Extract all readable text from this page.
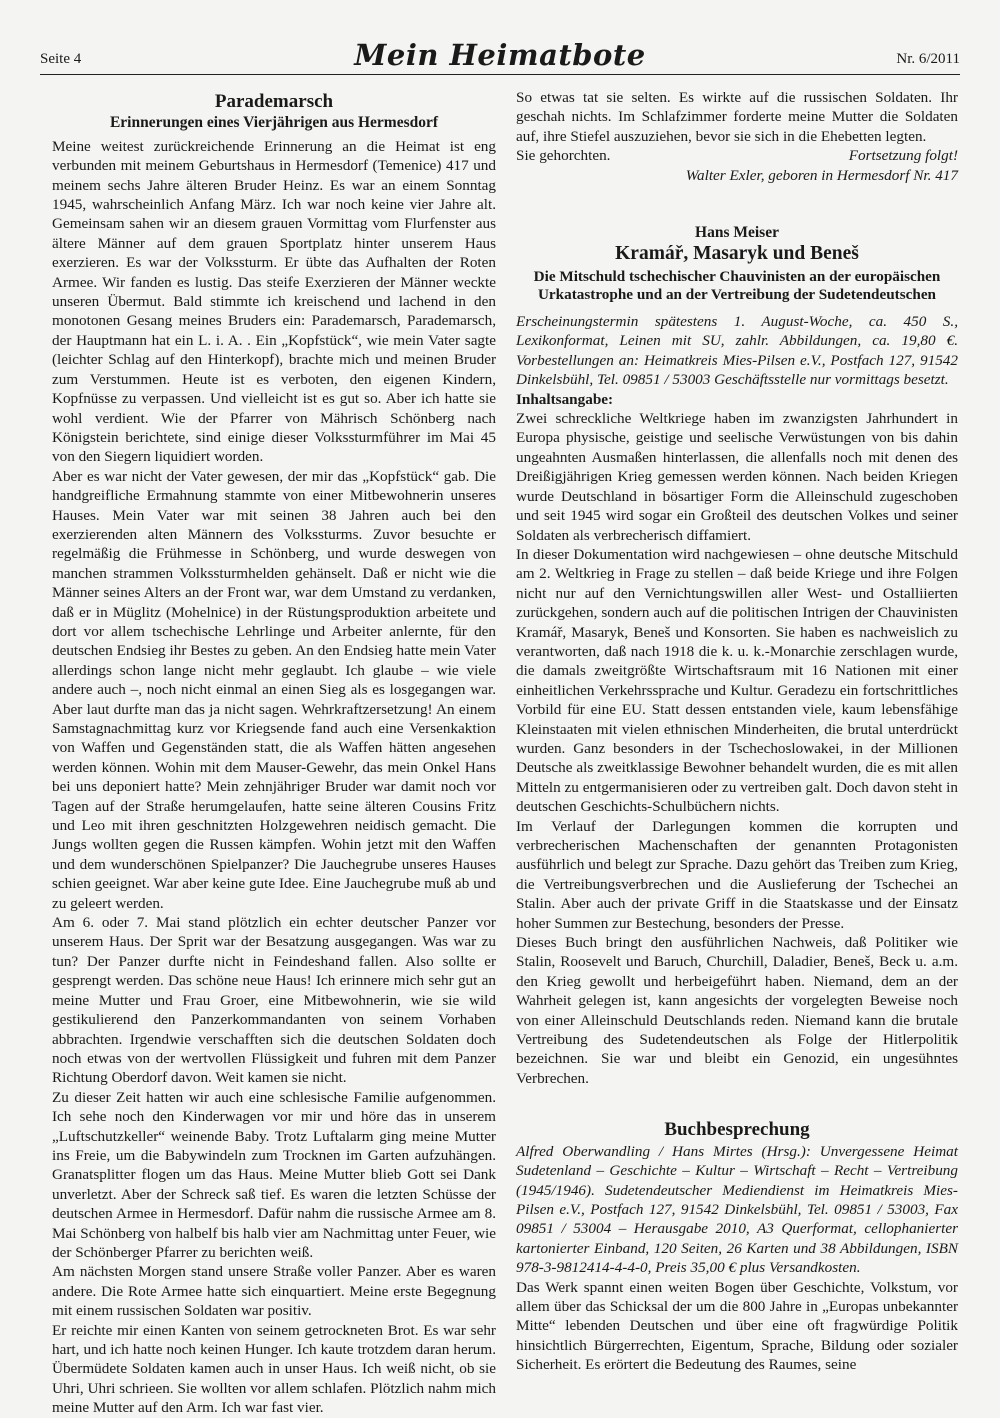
Seite 4	Mein Heimatbote	Nr. 6/2011
Parademarsch
Erinnerungen eines Vierjährigen aus Hermesdorf

Meine weitest zurückreichende Erinnerung an die Heimat ist eng verbunden mit meinem Geburtshaus in Hermesdorf (Temenice) 417 und meinem sechs Jahre älteren Bruder Heinz. Es war an einem Sonntag 1945, wahrscheinlich Anfang März. Ich war noch keine vier Jahre alt. Gemeinsam sahen wir an diesem grauen Vormittag vom Flurfenster aus ältere Männer auf dem grauen Sportplatz hinter unserem Haus exerzieren. Es war der Volkssturm. Er übte das Aufhalten der Roten Armee. Wir fanden es lustig. Das steife Exerzieren der Männer weckte unseren Übermut. Bald stimmte ich kreischend und lachend in den monotonen Gesang meines Bruders ein: Parademarsch, Parademarsch, der Hauptmann hat ein L. i. A. . Ein „Kopfstück“, wie mein Vater sagte (leichter Schlag auf den Hinterkopf), brachte mich und meinen Bruder zum Verstummen. Heute ist es verboten, den eigenen Kindern, Kopfnüsse zu verpassen. Und vielleicht ist es gut so. Aber ich hatte sie wohl verdient. Wie der Pfarrer von Mährisch Schönberg nach Königstein berichtete, sind einige dieser Volkssturmführer im Mai 45 von den Siegern liquidiert worden.

Aber es war nicht der Vater gewesen, der mir das „Kopfstück“ gab. Die handgreifliche Ermahnung stammte von einer Mitbewohnerin unseres Hauses. Mein Vater war mit seinen 38 Jahren auch bei den exerzierenden alten Männern des Volkssturms. Zuvor besuchte er regelmäßig die Frühmesse in Schönberg, und wurde deswegen von manchen strammen Volkssturmhelden gehänselt. Daß er nicht wie die Männer seines Alters an der Front war, war dem Umstand zu verdanken, daß er in Müglitz (Mohelnice) in der Rüstungsproduktion arbeitete und dort vor allem tschechische Lehrlinge und Arbeiter anlernte, für den deutschen Endsieg ihr Bestes zu geben. An den Endsieg hatte mein Vater allerdings schon lange nicht mehr geglaubt. Ich glaube – wie viele andere auch –, noch nicht einmal an einen Sieg als es losgegangen war. Aber laut durfte man das ja nicht sagen. Wehrkraftzersetzung! An einem Samstagnachmittag kurz vor Kriegsende fand auch eine Versenkaktion von Waffen und Gegenständen statt, die als Waffen hätten angesehen werden können. Wohin mit dem Mauser-Gewehr, das mein Onkel Hans bei uns deponiert hatte? Mein zehnjähriger Bruder war damit noch vor Tagen auf der Straße herumgelaufen, hatte seine älteren Cousins Fritz und Leo mit ihren geschnitzten Holzgewehren neidisch gemacht. Die Jungs wollten gegen die Russen kämpfen. Wohin jetzt mit den Waffen und dem wunderschönen Spielpanzer? Die Jauchegrube unseres Hauses schien geeignet. War aber keine gute Idee. Eine Jauchegrube muß ab und zu geleert werden.

Am 6. oder 7. Mai stand plötzlich ein echter deutscher Panzer vor unserem Haus. Der Sprit war der Besatzung ausgegangen. Was war zu tun? Der Panzer durfte nicht in Feindeshand fallen. Also sollte er gesprengt werden. Das schöne neue Haus! Ich erinnere mich sehr gut an meine Mutter und Frau Groer, eine Mitbewohnerin, wie sie wild gestikulierend den Panzerkommandanten von seinem Vorhaben abbrachten. Irgendwie verschafften sich die deutschen Soldaten doch noch etwas von der wertvollen Flüssigkeit und fuhren mit dem Panzer Richtung Oberdorf davon. Weit kamen sie nicht.

Zu dieser Zeit hatten wir auch eine schlesische Familie aufgenommen. Ich sehe noch den Kinderwagen vor mir und höre das in unserem „Luftschutzkeller“ weinende Baby. Trotz Luftalarm ging meine Mutter ins Freie, um die Babywindeln zum Trocknen im Garten aufzuhängen. Granatsplitter flogen um das Haus. Meine Mutter blieb Gott sei Dank unverletzt. Aber der Schreck saß tief. Es waren die letzten Schüsse der deutschen Armee in Hermesdorf. Dafür nahm die russische Armee am 8. Mai Schönberg von halbelf bis halb vier am Nachmittag unter Feuer, wie der Schönberger Pfarrer zu berichten weiß.

Am nächsten Morgen stand unsere Straße voller Panzer. Aber es waren andere. Die Rote Armee hatte sich einquartiert. Meine erste Begegnung mit einem russischen Soldaten war positiv.

Er reichte mir einen Kanten von seinem getrockneten Brot. Es war sehr hart, und ich hatte noch keinen Hunger. Ich kaute trotzdem daran herum. Übermüdete Soldaten kamen auch in unser Haus. Ich weiß nicht, ob sie Uhri, Uhri schrieen. Sie wollten vor allem schlafen. Plötzlich nahm mich meine Mutter auf den Arm. Ich war fast vier.

So etwas tat sie selten. Es wirkte auf die russischen Soldaten. Ihr geschah nichts. Im Schlafzimmer forderte meine Mutter die Soldaten auf, ihre Stiefel auszuziehen, bevor sie sich in die Ehebetten legten.

Sie gehorchten.	Fortsetzung folgt!
Walter Exler, geboren in Hermesdorf Nr. 417
Hans Meiser
Kramář, Masaryk und Beneš
Die Mitschuld tschechischer Chauvinisten an der europäischen Urkatastrophe und an der Vertreibung der Sudetendeutschen

Erscheinungstermin spätestens 1. August-Woche, ca. 450 S., Lexikonformat, Leinen mit SU, zahlr. Abbildungen, ca. 19,80 €. Vorbestellungen an: Heimatkreis Mies-Pilsen e.V., Postfach 127, 91542 Dinkelsbühl, Tel. 09851 / 53003 Geschäftsstelle nur vormittags besetzt.

Inhaltsangabe:

Zwei schreckliche Weltkriege haben im zwanzigsten Jahrhundert in Europa physische, geistige und seelische Verwüstungen von bis dahin ungeahnten Ausmaßen hinterlassen, die allenfalls noch mit denen des Dreißigjährigen Krieg gemessen werden können. Nach beiden Kriegen wurde Deutschland in bösartiger Form die Alleinschuld zugeschoben und seit 1945 wird sogar ein Großteil des deutschen Volkes und seiner Soldaten als verbrecherisch diffamiert.

In dieser Dokumentation wird nachgewiesen – ohne deutsche Mitschuld am 2. Weltkrieg in Frage zu stellen – daß beide Kriege und ihre Folgen nicht nur auf den Vernichtungswillen aller West- und Ostalliierten zurückgehen, sondern auch auf die politischen Intrigen der Chauvinisten Kramář, Masaryk, Beneš und Konsorten. Sie haben es nachweislich zu verantworten, daß nach 1918 die k. u. k.-Monarchie zerschlagen wurde, die damals zweitgrößte Wirtschaftsraum mit 16 Nationen mit einer einheitlichen Verkehrssprache und Kultur. Geradezu ein fortschrittliches Vorbild für eine EU. Statt dessen entstanden viele, kaum lebensfähige Kleinstaaten mit vielen ethnischen Minderheiten, die brutal unterdrückt wurden. Ganz besonders in der Tschechoslowakei, in der Millionen Deutsche als zweitklassige Bewohner behandelt wurden, die es mit allen Mitteln zu entgermanisieren oder zu vertreiben galt. Doch davon steht in deutschen Geschichts-Schulbüchern nichts.

Im Verlauf der Darlegungen kommen die korrupten und verbrecherischen Machenschaften der genannten Protagonisten ausführlich und belegt zur Sprache. Dazu gehört das Treiben zum Krieg, die Vertreibungsverbrechen und die Auslieferung der Tschechei an Stalin. Aber auch der private Griff in die Staatskasse und der Einsatz hoher Summen zur Bestechung, besonders der Presse.

Dieses Buch bringt den ausführlichen Nachweis, daß Politiker wie Stalin, Roosevelt und Baruch, Churchill, Daladier, Beneš, Beck u. a.m. den Krieg gewollt und herbeigeführt haben. Niemand, dem an der Wahrheit gelegen ist, kann angesichts der vorgelegten Beweise noch von einer Alleinschuld Deutschlands reden. Niemand kann die brutale Vertreibung des Sudetendeutschen als Folge der Hitlerpolitik bezeichnen. Sie war und bleibt ein Genozid, ein ungesühntes Verbrechen.

Buchbesprechung

Alfred Oberwandling / Hans Mirtes (Hrsg.): Unvergessene Heimat Sudetenland – Geschichte – Kultur – Wirtschaft – Recht – Vertreibung (1945/1946). Sudetendeutscher Mediendienst im Heimatkreis Mies-Pilsen e.V., Postfach 127, 91542 Dinkelsbühl, Tel. 09851 / 53003, Fax 09851 / 53004 – Herausgabe 2010, A3 Querformat, cellophanierter kartonierter Einband, 120 Seiten, 26 Karten und 38 Abbildungen, ISBN 978-3-9812414-4-4-0, Preis 35,00 € plus Versandkosten.

Das Werk spannt einen weiten Bogen über Geschichte, Volkstum, vor allem über das Schicksal der um die 800 Jahre in „Europas unbekannter Mitte“ lebenden Deutschen und über eine oft fragwürdige Politik hinsichtlich Bürgerrechten, Eigentum, Sprache, Bildung oder sozialer Sicherheit. Es erörtert die Bedeutung des Raumes, seine
